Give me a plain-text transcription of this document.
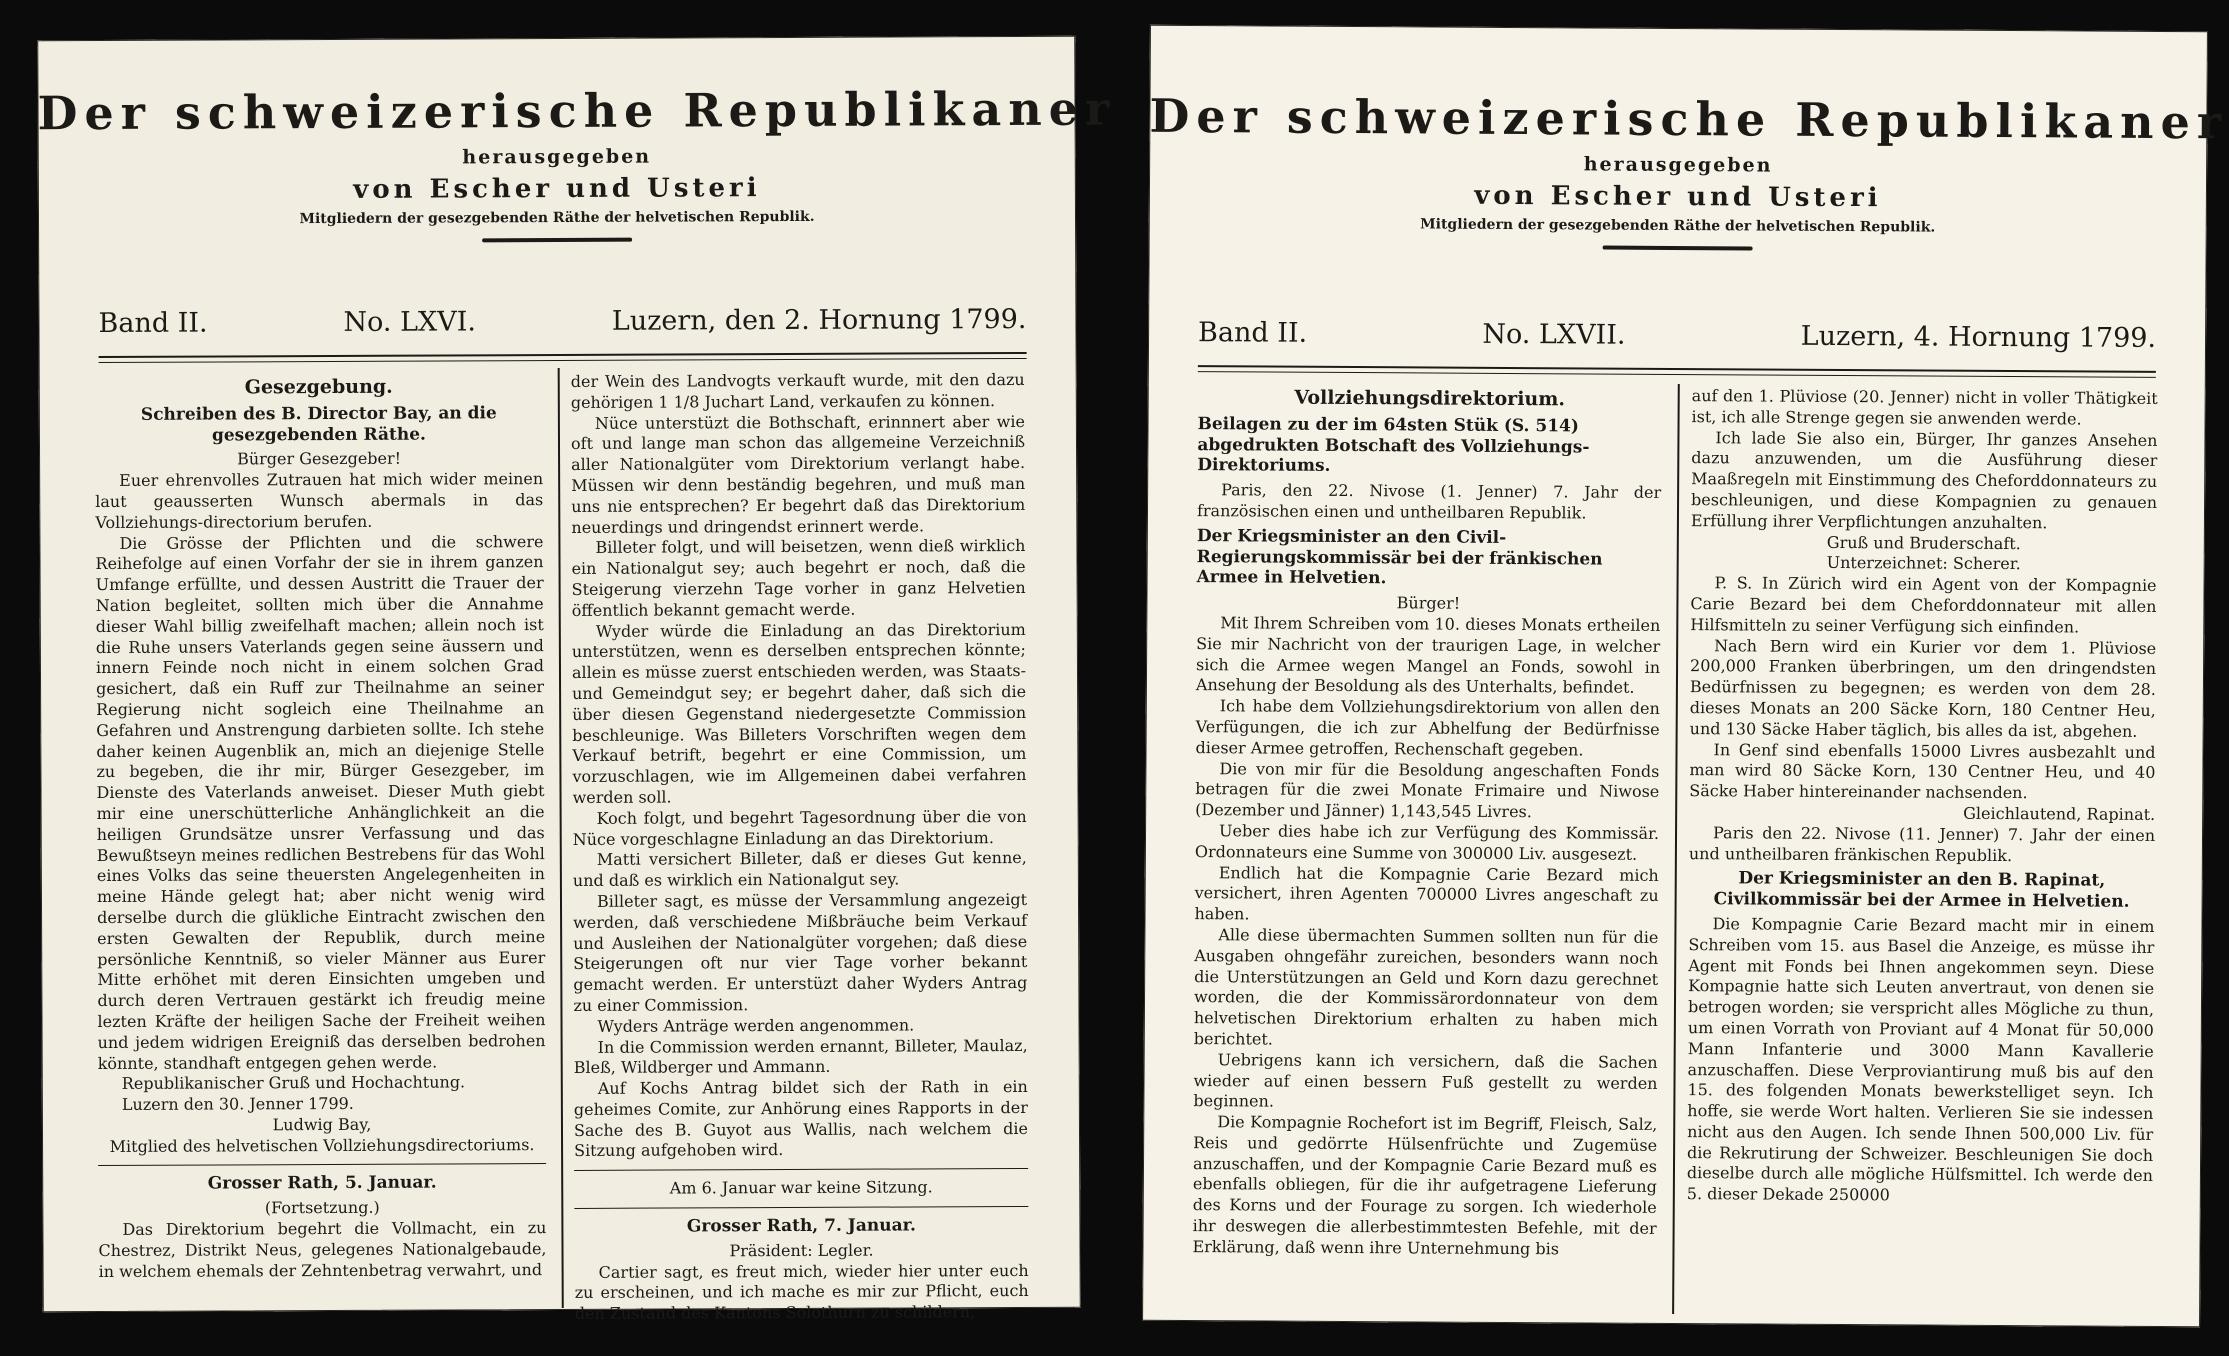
Der schweizerische Republikaner
herausgegeben
von Escher und Usteri
Mitgliedern der gesezgebenden Räthe der helvetischen Republik.
Band II.	No. LXVI.	Luzern, den 2. Hornung 1799.
Gesezgebung.

Schreiben des B. Director Bay, an die gesezgebenden Räthe.

Bürger Gesezgeber!

Euer ehrenvolles Zutrauen hat mich wider meinen laut geausserten Wunsch abermals in das Vollziehungs-directorium berufen.

Die Grösse der Pflichten und die schwere Reihefolge auf einen Vorfahr der sie in ihrem ganzen Umfange erfüllte, und dessen Austritt die Trauer der Nation begleitet, sollten mich über die Annahme dieser Wahl billig zweifelhaft machen; allein noch ist die Ruhe unsers Vaterlands gegen seine äussern und innern Feinde noch nicht in einem solchen Grad gesichert, daß ein Ruff zur Theilnahme an seiner Regierung nicht sogleich eine Theilnahme an Gefahren und Anstrengung darbieten sollte. Ich stehe daher keinen Augenblik an, mich an diejenige Stelle zu begeben, die ihr mir, Bürger Gesezgeber, im Dienste des Vaterlands anweiset. Dieser Muth giebt mir eine unerschütterliche Anhänglichkeit an die heiligen Grundsätze unsrer Verfassung und das Bewußtseyn meines redlichen Bestrebens für das Wohl eines Volks das seine theuersten Angelegenheiten in meine Hände gelegt hat; aber nicht wenig wird derselbe durch die glükliche Eintracht zwischen den ersten Gewalten der Republik, durch meine persönliche Kenntniß, so vieler Männer aus Eurer Mitte erhöhet mit deren Einsichten umgeben und durch deren Vertrauen gestärkt ich freudig meine lezten Kräfte der heiligen Sache der Freiheit weihen und jedem widrigen Ereigniß das derselben bedrohen könnte, standhaft entgegen gehen werde.

Republikanischer Gruß und Hochachtung.

Luzern den 30. Jenner 1799.

Ludwig Bay,

Mitglied des helvetischen Vollziehungsdirectoriums.

Grosser Rath, 5. Januar.

(Fortsetzung.)

Das Direktorium begehrt die Vollmacht, ein zu Chestrez, Distrikt Neus, gelegenes Nationalgebaude, in welchem ehemals der Zehntenbetrag verwahrt, und

der Wein des Landvogts verkauft wurde, mit den dazu gehörigen 1 1/8 Juchart Land, verkaufen zu können.

Nüce unterstüzt die Bothschaft, erinnnert aber wie oft und lange man schon das allgemeine Verzeichniß aller Nationalgüter vom Direktorium verlangt habe. Müssen wir denn beständig begehren, und muß man uns nie entsprechen? Er begehrt daß das Direktorium neuerdings und dringendst erinnert werde.

Billeter folgt, und will beisetzen, wenn dieß wirklich ein Nationalgut sey; auch begehrt er noch, daß die Steigerung vierzehn Tage vorher in ganz Helvetien öffentlich bekannt gemacht werde.

Wyder würde die Einladung an das Direktorium unterstützen, wenn es derselben entsprechen könnte; allein es müsse zuerst entschieden werden, was Staats- und Gemeindgut sey; er begehrt daher, daß sich die über diesen Gegenstand niedergesetzte Commission beschleunige. Was Billeters Vorschriften wegen dem Verkauf betrift, begehrt er eine Commission, um vorzuschlagen, wie im Allgemeinen dabei verfahren werden soll.

Koch folgt, und begehrt Tagesordnung über die von Nüce vorgeschlagne Einladung an das Direktorium.

Matti versichert Billeter, daß er dieses Gut kenne, und daß es wirklich ein Nationalgut sey.

Billeter sagt, es müsse der Versammlung angezeigt werden, daß verschiedene Mißbräuche beim Verkauf und Ausleihen der Nationalgüter vorgehen; daß diese Steigerungen oft nur vier Tage vorher bekannt gemacht werden. Er unterstüzt daher Wyders Antrag zu einer Commission.

Wyders Anträge werden angenommen.

In die Commission werden ernannt, Billeter, Maulaz, Bleß, Wildberger und Ammann.

Auf Kochs Antrag bildet sich der Rath in ein geheimes Comite, zur Anhörung eines Rapports in der Sache des B. Guyot aus Wallis, nach welchem die Sitzung aufgehoben wird.

Am 6. Januar war keine Sitzung.

Grosser Rath, 7. Januar.

Präsident: Legler.

Cartier sagt, es freut mich, wieder hier unter euch zu erscheinen, und ich mache es mir zur Pflicht, euch den Zustand des Kantons Solothurn zu schildern,

Der schweizerische Republikaner
herausgegeben
von Escher und Usteri
Mitgliedern der gesezgebenden Räthe der helvetischen Republik.
Band II.	No. LXVII.	Luzern, 4. Hornung 1799.
Vollziehungsdirektorium.

Beilagen zu der im 64sten Stük (S. 514) abgedrukten Botschaft des Vollziehungs-Direktoriums.

Paris, den 22. Nivose (1. Jenner) 7. Jahr der französischen einen und untheilbaren Republik.

Der Kriegsminister an den Civil-Regierungskommissär bei der fränkischen Armee in Helvetien.

Bürger!

Mit Ihrem Schreiben vom 10. dieses Monats ertheilen Sie mir Nachricht von der traurigen Lage, in welcher sich die Armee wegen Mangel an Fonds, sowohl in Ansehung der Besoldung als des Unterhalts, befindet.

Ich habe dem Vollziehungsdirektorium von allen den Verfügungen, die ich zur Abhelfung der Bedürfnisse dieser Armee getroffen, Rechenschaft gegeben.

Die von mir für die Besoldung angeschaften Fonds betragen für die zwei Monate Frimaire und Niwose (Dezember und Jänner) 1,143,545 Livres.

Ueber dies habe ich zur Verfügung des Kommissär. Ordonnateurs eine Summe von 300000 Liv. ausgesezt.

Endlich hat die Kompagnie Carie Bezard mich versichert, ihren Agenten 700000 Livres angeschaft zu haben.

Alle diese übermachten Summen sollten nun für die Ausgaben ohngefähr zureichen, besonders wann noch die Unterstützungen an Geld und Korn dazu gerechnet worden, die der Kommissärordonnateur von dem helvetischen Direktorium erhalten zu haben mich berichtet.

Uebrigens kann ich versichern, daß die Sachen wieder auf einen bessern Fuß gestellt zu werden beginnen.

Die Kompagnie Rochefort ist im Begriff, Fleisch, Salz, Reis und gedörrte Hülsenfrüchte und Zugemüse anzuschaffen, und der Kompagnie Carie Bezard muß es ebenfalls obliegen, für die ihr aufgetragene Lieferung des Korns und der Fourage zu sorgen. Ich wiederhole ihr deswegen die allerbestimmtesten Befehle, mit der Erklärung, daß wenn ihre Unternehmung bis

auf den 1. Plüviose (20. Jenner) nicht in voller Thätigkeit ist, ich alle Strenge gegen sie anwenden werde.

Ich lade Sie also ein, Bürger, Ihr ganzes Ansehen dazu anzuwenden, um die Ausführung dieser Maaßregeln mit Einstimmung des Cheforddonnateurs zu beschleunigen, und diese Kompagnien zu genauen Erfüllung ihrer Verpflichtungen anzuhalten.

Gruß und Bruderschaft.

Unterzeichnet: Scherer.

P. S. In Zürich wird ein Agent von der Kompagnie Carie Bezard bei dem Cheforddonnateur mit allen Hilfsmitteln zu seiner Verfügung sich einfinden.

Nach Bern wird ein Kurier vor dem 1. Plüviose 200,000 Franken überbringen, um den dringendsten Bedürfnissen zu begegnen; es werden von dem 28. dieses Monats an 200 Säcke Korn, 180 Centner Heu, und 130 Säcke Haber täglich, bis alles da ist, abgehen.

In Genf sind ebenfalls 15000 Livres ausbezahlt und man wird 80 Säcke Korn, 130 Centner Heu, und 40 Säcke Haber hintereinander nachsenden.

Gleichlautend, Rapinat.

Paris den 22. Nivose (11. Jenner) 7. Jahr der einen und untheilbaren fränkischen Republik.

Der Kriegsminister an den B. Rapinat, Civilkommissär bei der Armee in Helvetien.

Die Kompagnie Carie Bezard macht mir in einem Schreiben vom 15. aus Basel die Anzeige, es müsse ihr Agent mit Fonds bei Ihnen angekommen seyn. Diese Kompagnie hatte sich Leuten anvertraut, von denen sie betrogen worden; sie verspricht alles Mögliche zu thun, um einen Vorrath von Proviant auf 4 Monat für 50,000 Mann Infanterie und 3000 Mann Kavallerie anzuschaffen. Diese Verproviantirung muß bis auf den 15. des folgenden Monats bewerkstelliget seyn. Ich hoffe, sie werde Wort halten. Verlieren Sie sie indessen nicht aus den Augen. Ich sende Ihnen 500,000 Liv. für die Rekrutirung der Schweizer. Beschleunigen Sie doch dieselbe durch alle mögliche Hülfsmittel. Ich werde den 5. dieser Dekade 250000
